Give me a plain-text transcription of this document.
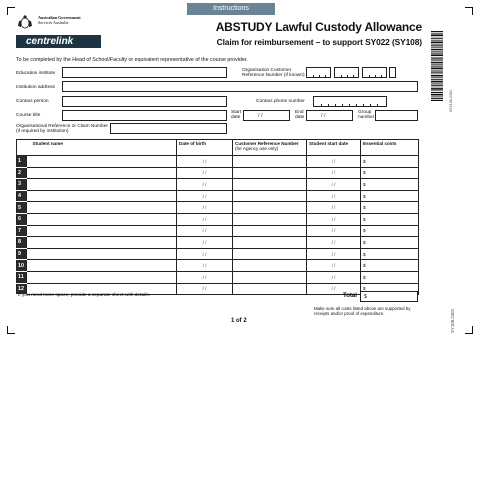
Instructions
Australian Government
Services Australia
centrelink
ABSTUDY Lawful Custody Allowance
Claim for reimbursement – to support SY022 (SY108)
0SY108-2301
To be completed by the Head of School/Faculty or equivalent representative of the course provider.
Education institute
Organisation Customer
Reference Number (if known)
Institution address
Contact person	Contact phone number
Course title
Start
date	/ /
End
date	/ /
Group
number
Organisational Reference or Claim Number
(if required by institution)
	Student name	Date of birth	Customer Reference Number
(for Agency use only)	Student start date	Essential costs
1		/ /		/ /	$
2		/ /		/ /	$
3		/ /		/ /	$
4		/ /		/ /	$
5		/ /		/ /	$
6		/ /		/ /	$
7		/ /		/ /	$
8		/ /		/ /	$
9		/ /		/ /	$
10		/ /		/ /	$
11		/ /		/ /	$
12		/ /		/ /	$
If you need more space, provide a separate sheet with details.	Total $
Make sure all costs listed above are supported by
receipts and/or proof of expenditure.
1 of 2	SY108.2301
